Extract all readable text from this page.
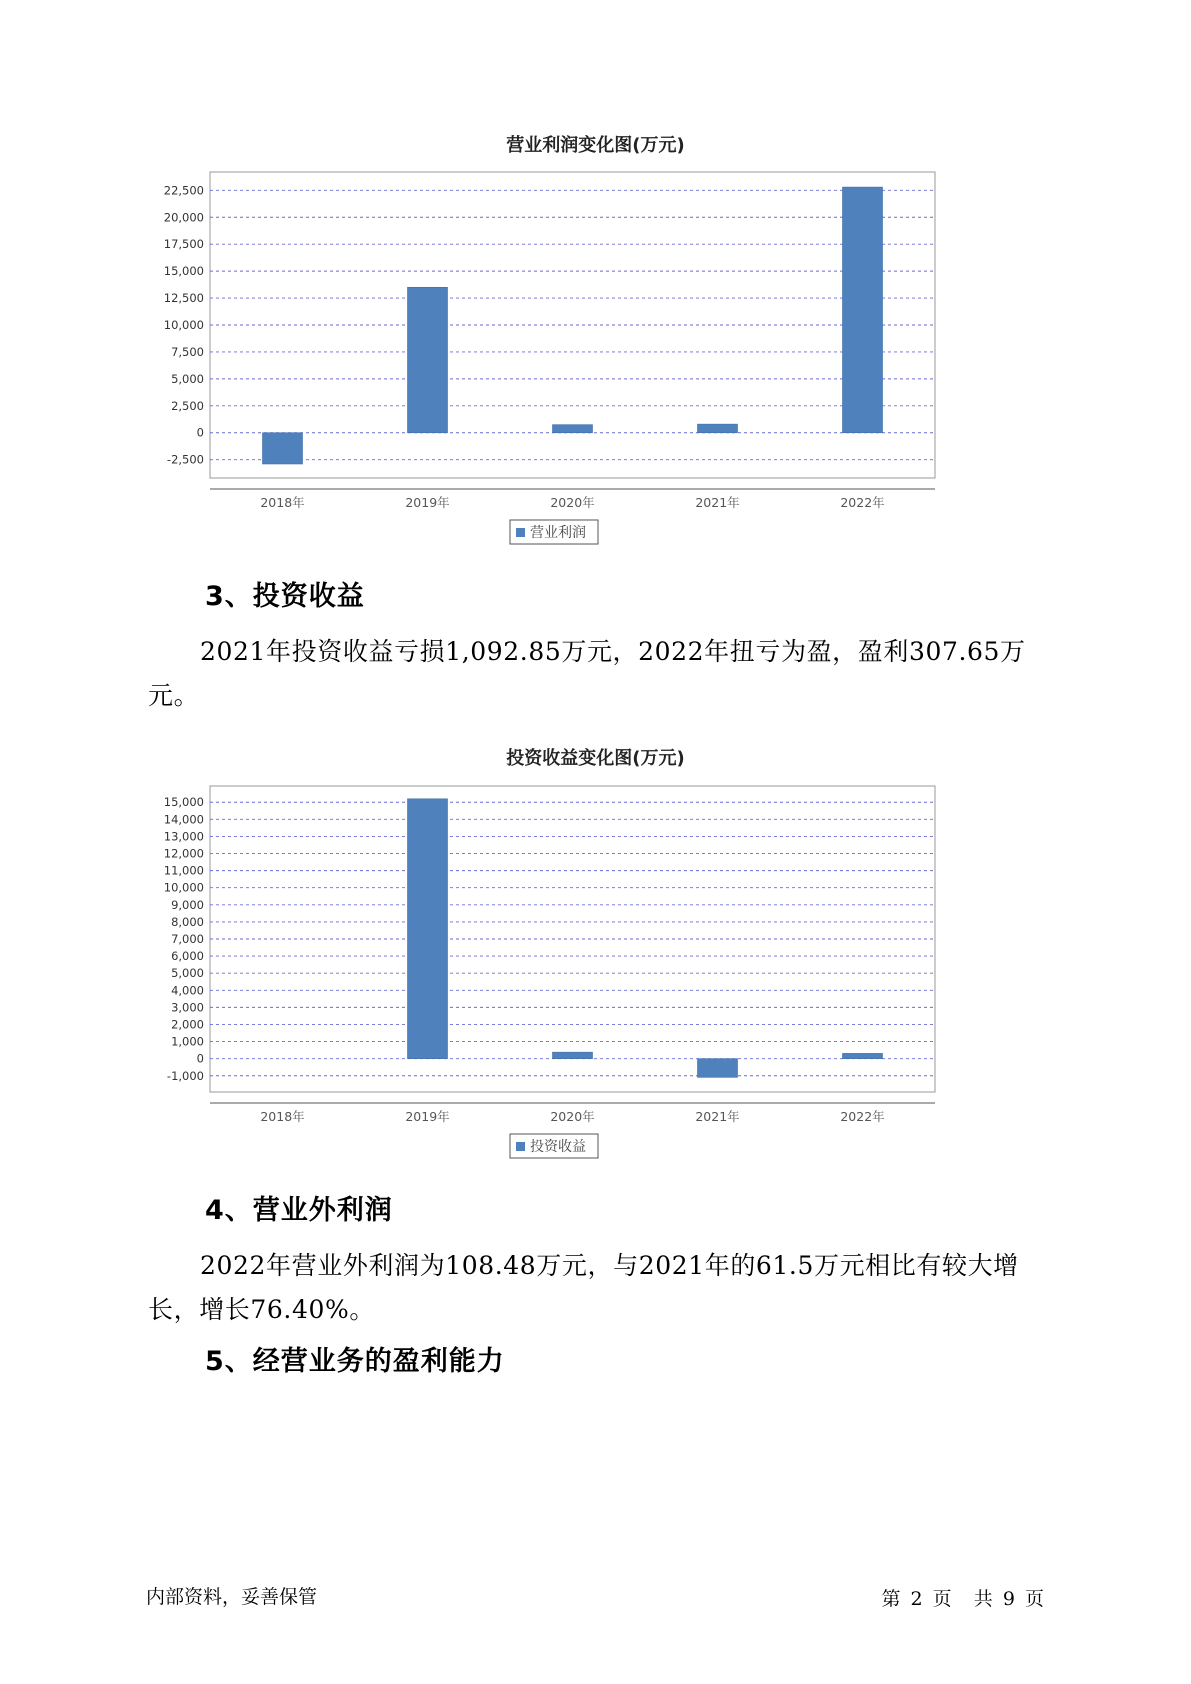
营业利润变化图(万元)
-2,500
0
2,500
5,000
7,500
10,000
12,500
15,000
17,500
20,000
22,500
2018年	2019年	2020年	2021年	2022年
营业利润
3、投资收益
2021年投资收益亏损1,092.85万元，2022年扭亏为盈，盈利307.65万
元。
投资收益变化图(万元)
-1,000
0
1,000
2,000
3,000
4,000
5,000
6,000
7,000
8,000
9,000
10,000
11,000
12,000
13,000
14,000
15,000
2018年	2019年	2020年	2021年	2022年
投资收益
4、营业外利润
2022年营业外利润为108.48万元，与2021年的61.5万元相比有较大增
长，增长76.40%。
5、经营业务的盈利能力
内部资料，妥善保管	第 2 页 共 9 页
